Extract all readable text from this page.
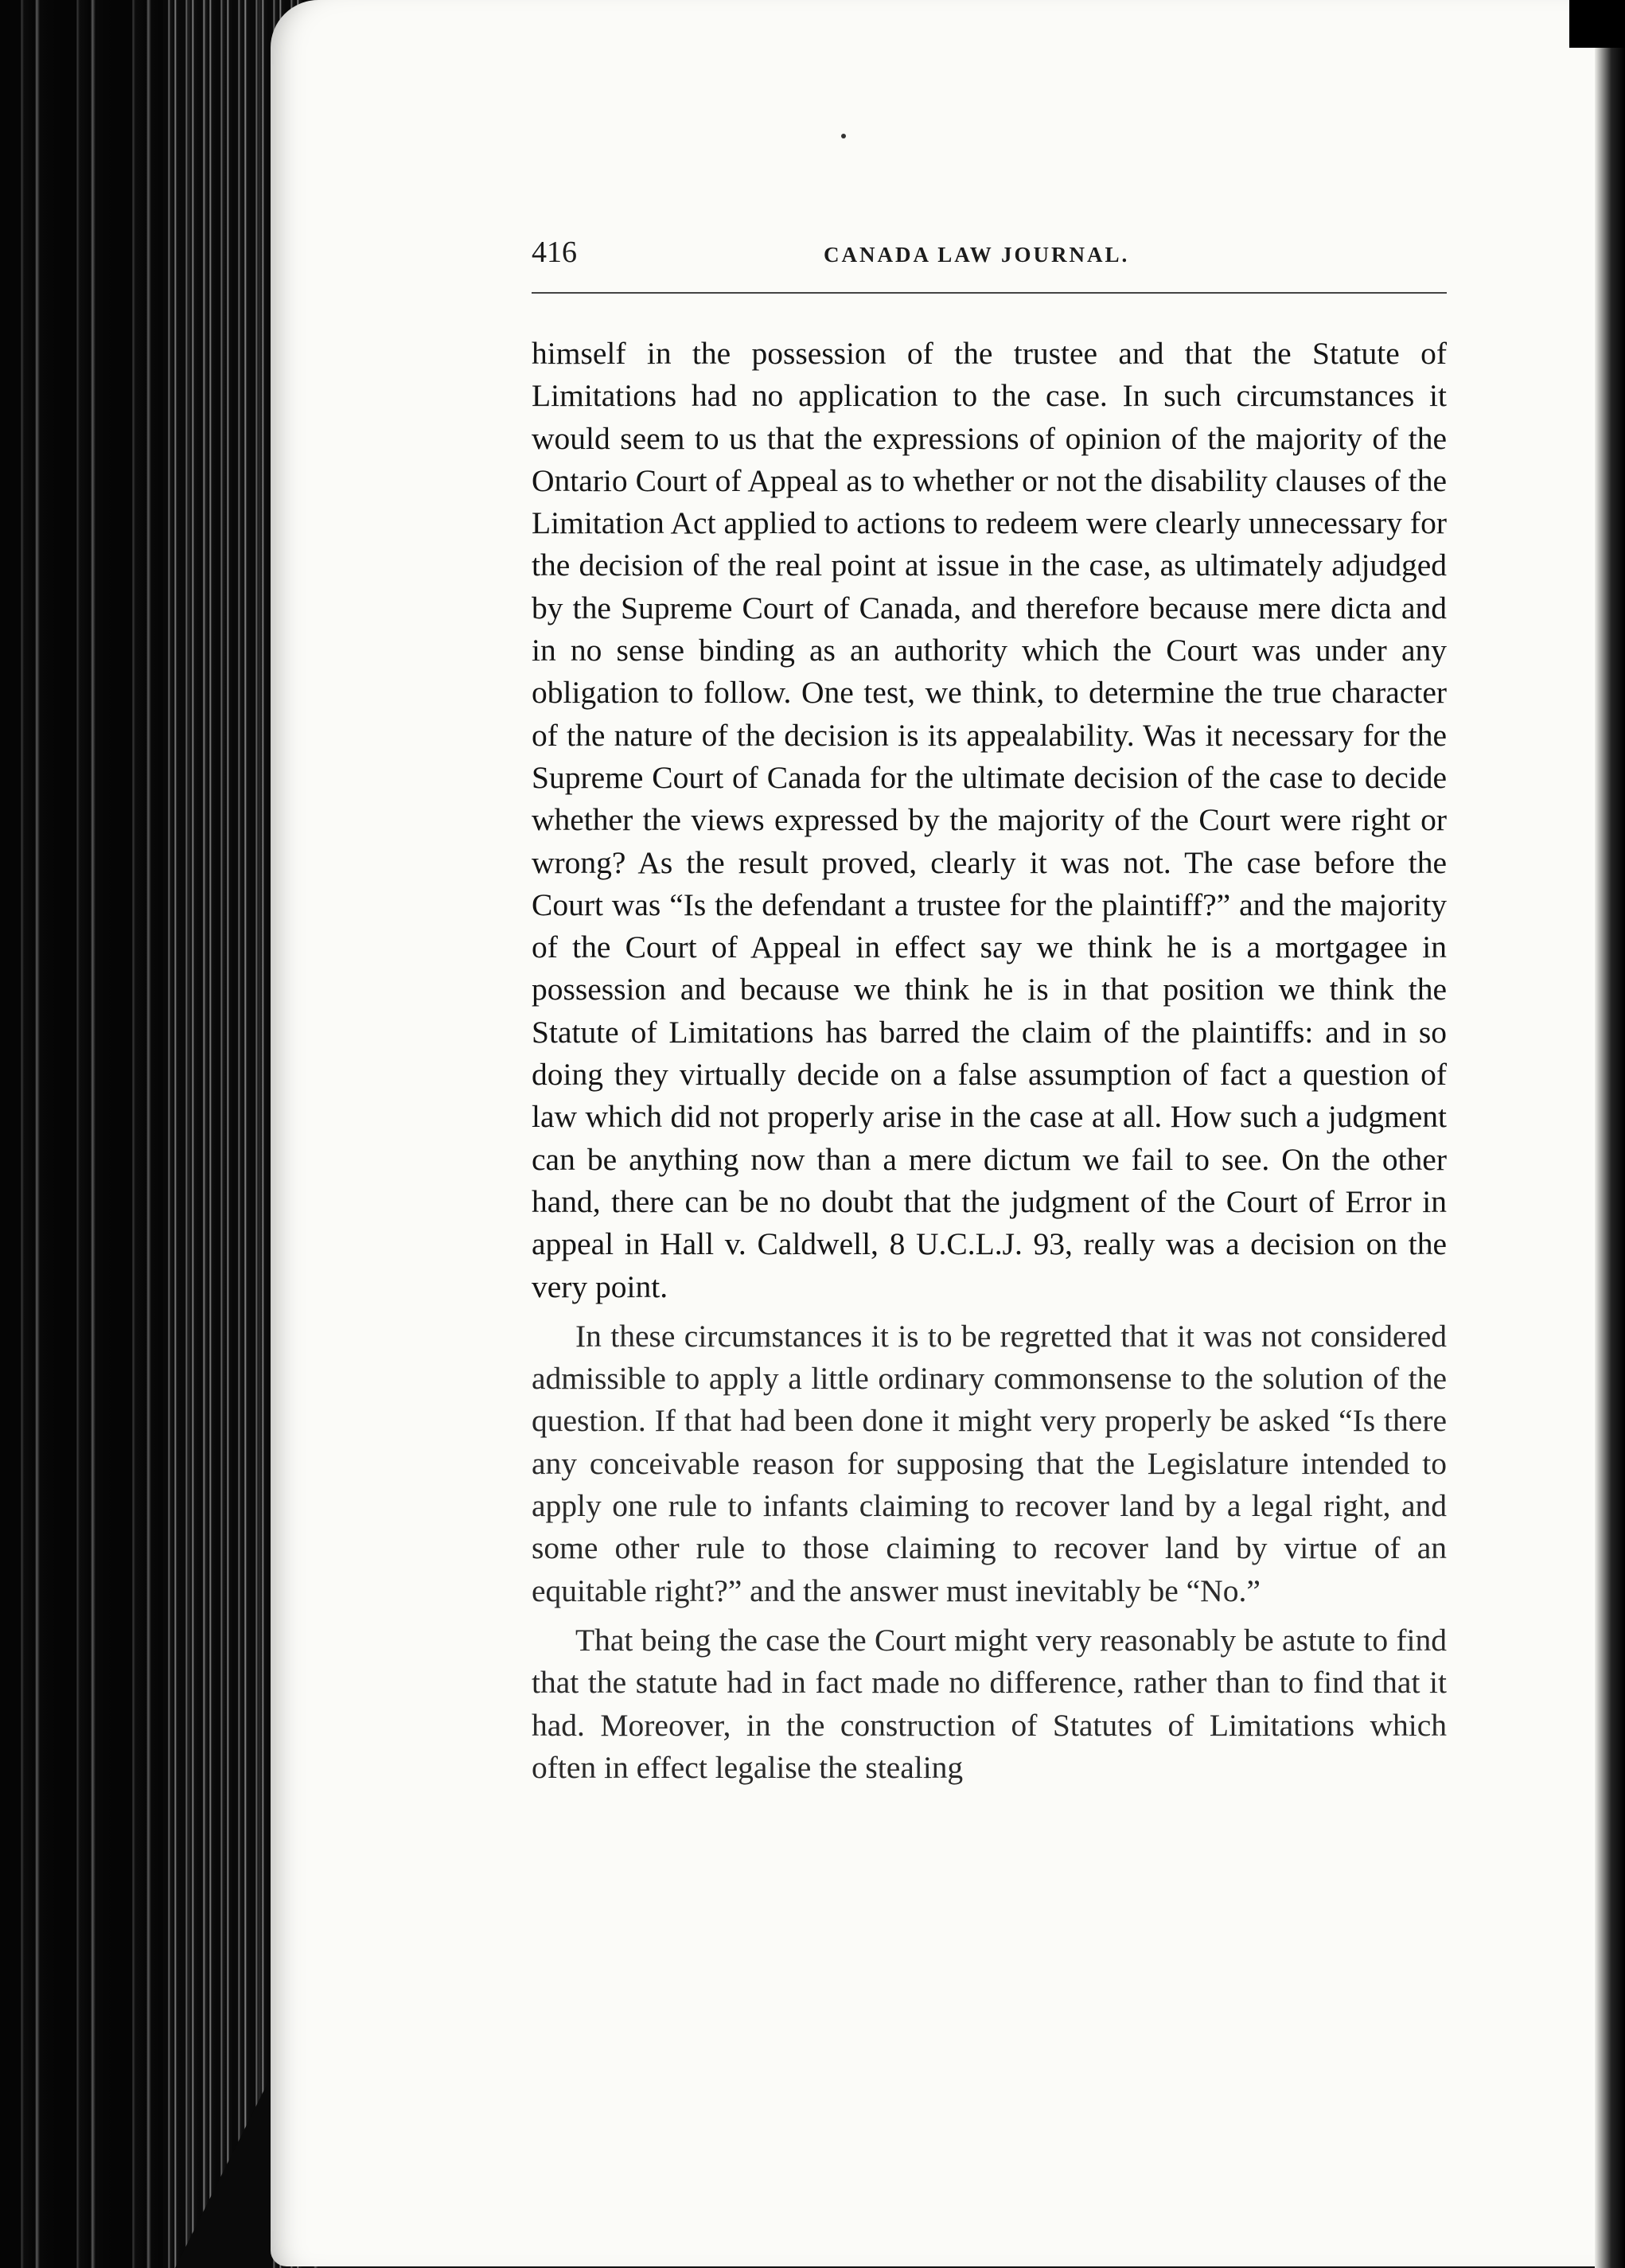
416	CANADA LAW JOURNAL.

himself in the possession of the trustee and that the Statute of Limitations had no application to the case. In such circumstances it would seem to us that the expressions of opinion of the majority of the Ontario Court of Appeal as to whether or not the disability clauses of the Limitation Act applied to actions to redeem were clearly unnecessary for the decision of the real point at issue in the case, as ultimately adjudged by the Supreme Court of Canada, and therefore because mere dicta and in no sense binding as an authority which the Court was under any obligation to follow. One test, we think, to determine the true character of the nature of the decision is its appealability. Was it necessary for the Supreme Court of Canada for the ultimate decision of the case to decide whether the views expressed by the majority of the Court were right or wrong? As the result proved, clearly it was not. The case before the Court was “Is the defendant a trustee for the plaintiff?” and the majority of the Court of Appeal in effect say we think he is a mortgagee in possession and because we think he is in that position we think the Statute of Limitations has barred the claim of the plaintiffs: and in so doing they virtually decide on a false assumption of fact a question of law which did not properly arise in the case at all. How such a judgment can be anything now than a mere dictum we fail to see. On the other hand, there can be no doubt that the judgment of the Court of Error in appeal in Hall v. Caldwell, 8 U.C.L.J. 93, really was a decision on the very point.

In these circumstances it is to be regretted that it was not considered admissible to apply a little ordinary commonsense to the solution of the question. If that had been done it might very properly be asked “Is there any conceivable reason for supposing that the Legislature intended to apply one rule to infants claiming to recover land by a legal right, and some other rule to those claiming to recover land by virtue of an equitable right?” and the answer must inevitably be “No.”

That being the case the Court might very reasonably be astute to find that the statute had in fact made no difference, rather than to find that it had. Moreover, in the construction of Statutes of Limitations which often in effect legalise the stealing
